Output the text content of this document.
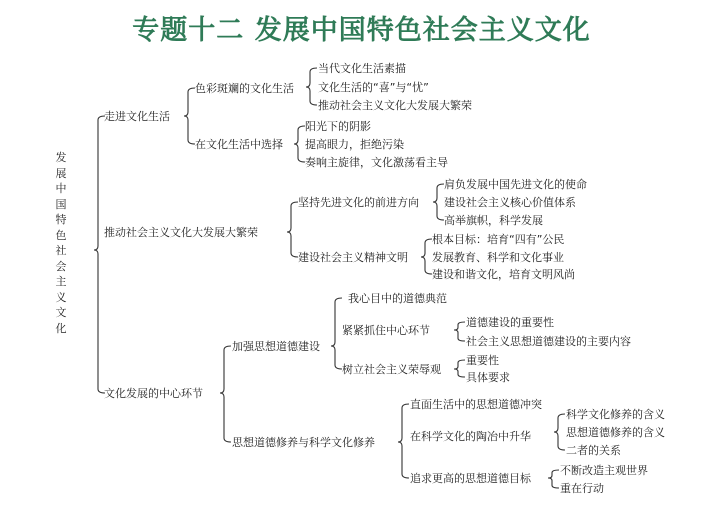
专题十二 发展中国特色社会主义文化
发展中国特色社会主义文化
走进文化生活
色彩斑斓的文化生活
当代文化生活素描
文化生活的“喜”与“忧”
推动社会主义文化大发展大繁荣
在文化生活中选择
阳光下的阴影
提高眼力，拒绝污染
奏响主旋律，文化激荡看主导
推动社会主义文化大发展大繁荣
坚持先进文化的前进方向
肩负发展中国先进文化的使命
建设社会主义核心价值体系
高举旗帜，科学发展
建设社会主义精神文明
根本目标：培育“四有”公民
发展教育、科学和文化事业
建设和谐文化，培育文明风尚
文化发展的中心环节
加强思想道德建设
我心目中的道德典范
紧紧抓住中心环节
道德建设的重要性
社会主义思想道德建设的主要内容
树立社会主义荣辱观
重要性
具体要求
思想道德修养与科学文化修养
直面生活中的思想道德冲突
在科学文化的陶冶中升华
科学文化修养的含义
思想道德修养的含义
二者的关系
追求更高的思想道德目标
不断改造主观世界
重在行动
